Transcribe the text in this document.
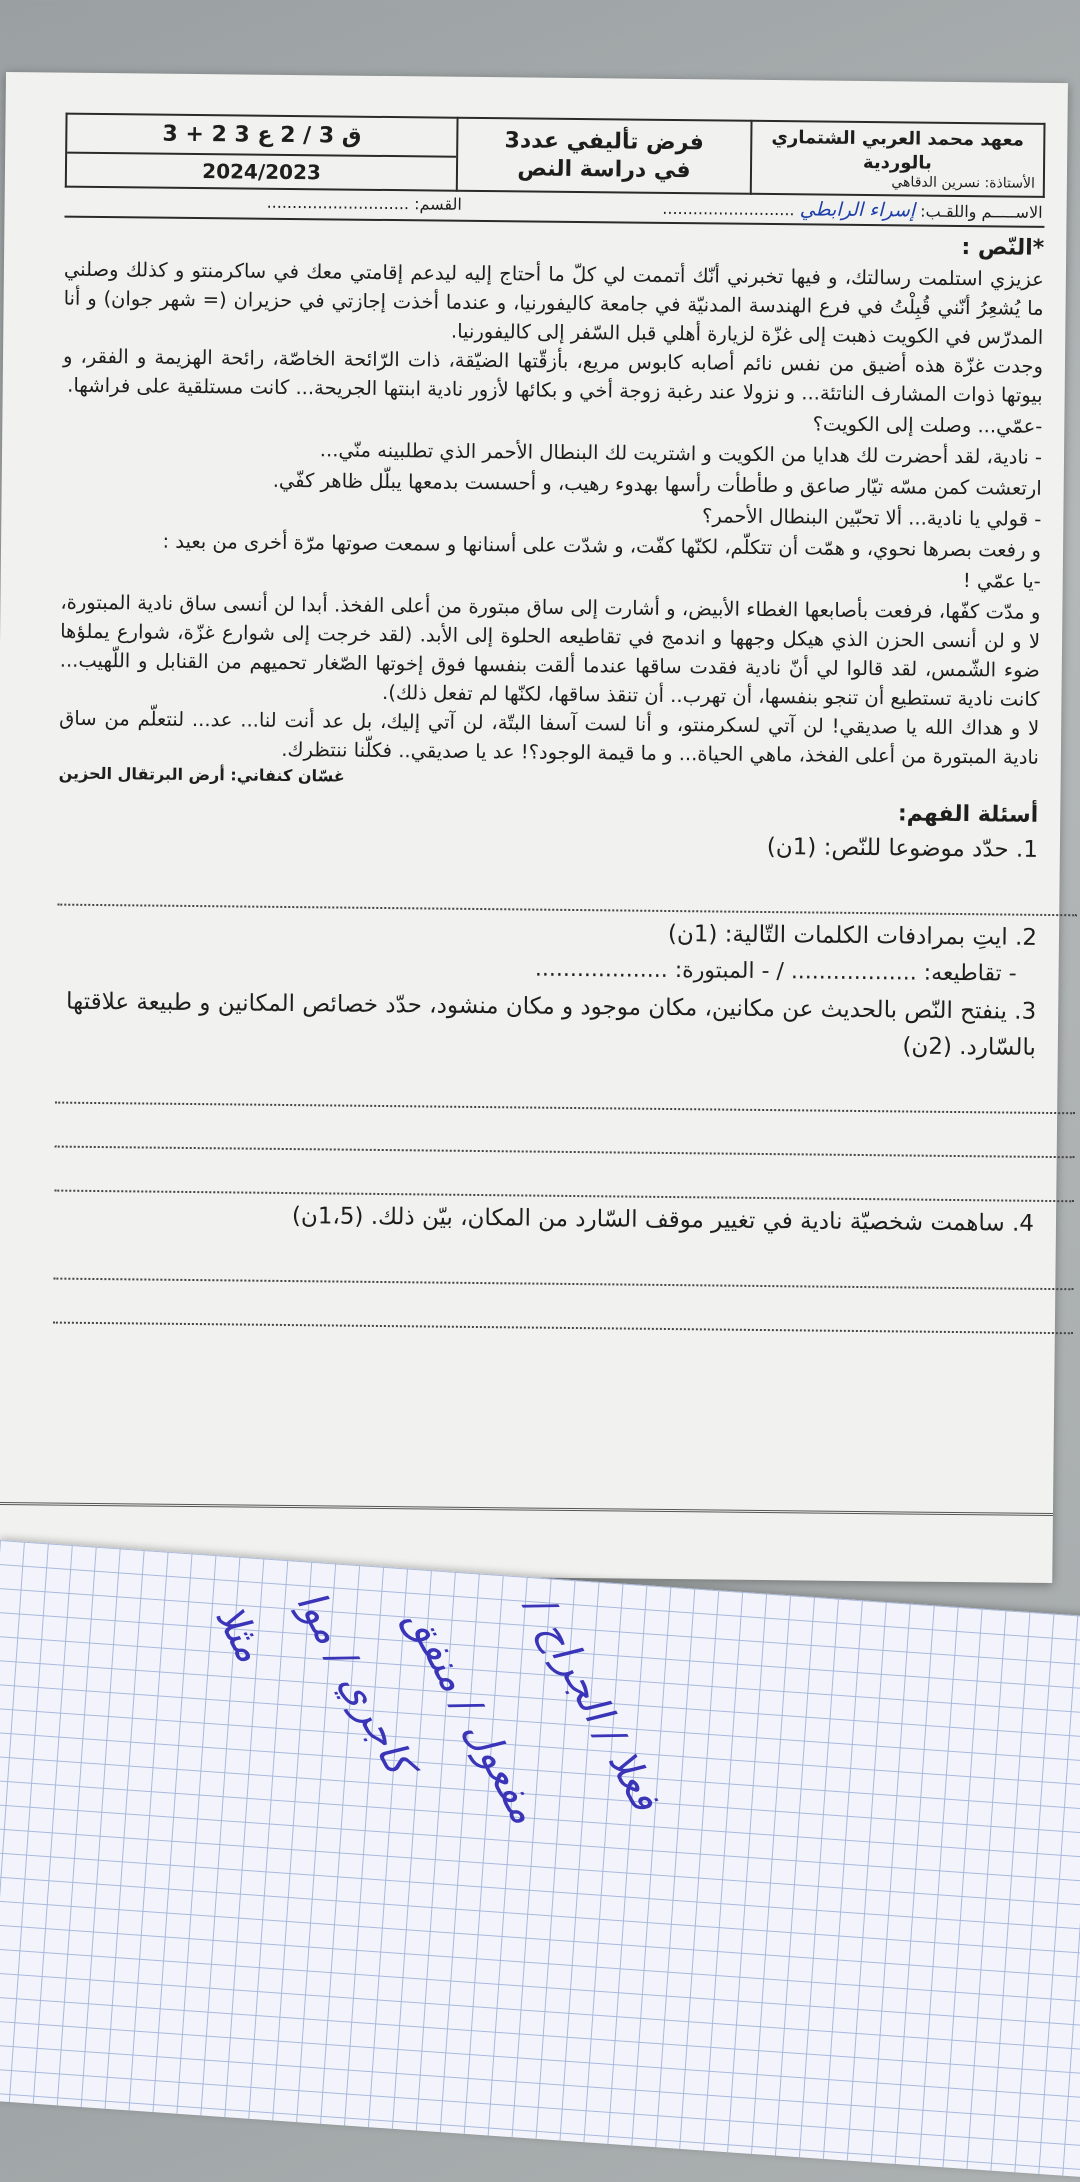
معهد محمد العربي الشتماري بالوردية
الأستاذة: نسرين الدقاهي

فرض تأليفي عدد3
في دراسة النص

3 + 2 ق 3 / 2 ع 3
2024/2023
الاســـــم واللقـب: إسراء الرابطي ..........................
القسم: ............................
*النّص :

عزيزي استلمت رسالتك، و فيها تخبرني أنّك أتممت لي كلّ ما أحتاج إليه ليدعم إقامتي معك في ساكرمنتو و كذلك وصلني ما يُشعِرُ أنّني قُبِلْتُ في فرع الهندسة المدنيّة في جامعة كاليفورنيا، و عندما أخذت إجازتي في حزيران (= شهر جوان) و أنا المدرّس في الكويت ذهبت إلى غزّة لزيارة أهلي قبل السّفر إلى كاليفورنيا.

وجدت غزّة هذه أضيق من نفس نائم أصابه كابوس مريع، بأزقّتها الضيّقة، ذات الرّائحة الخاصّة، رائحة الهزيمة و الفقر، و بيوتها ذوات المشارف الناتئة... و نزولا عند رغبة زوجة أخي و بكائها لأزور نادية ابنتها الجريحة... كانت مستلقية على فراشها.

-عمّي... وصلت إلى الكويت؟

- نادية، لقد أحضرت لك هدايا من الكويت و اشتريت لك البنطال الأحمر الذي تطلبينه منّي...

ارتعشت كمن مسّه تيّار صاعق و طأطأت رأسها بهدوء رهيب، و أحسست بدمعها يبلّل ظاهر كفّي.

- قولي يا نادية... ألا تحبّين البنطال الأحمر؟

و رفعت بصرها نحوي، و همّت أن تتكلّم، لكنّها كفّت، و شدّت على أسنانها و سمعت صوتها مرّة أخرى من بعيد :

-يا عمّي !

و مدّت كفّها، فرفعت بأصابعها الغطاء الأبيض، و أشارت إلى ساق مبتورة من أعلى الفخذ. أبدا لن أنسى ساق نادية المبتورة، لا و لن أنسى الحزن الذي هيكل وجهها و اندمج في تقاطيعه الحلوة إلى الأبد. (لقد خرجت إلى شوارع غزّة، شوارع يملؤها ضوء الشّمس، لقد قالوا لي أنّ نادية فقدت ساقها عندما ألقت بنفسها فوق إخوتها الصّغار تحميهم من القنابل و اللّهيب... كانت نادية تستطيع أن تنجو بنفسها، أن تهرب.. أن تنقذ ساقها، لكنّها لم تفعل ذلك).

لا و هداك الله يا صديقي! لن آتي لسكرمنتو، و أنا لست آسفا البتّة، لن آتي إليك، بل عد أنت لنا... عد... لنتعلّم من ساق نادية المبتورة من أعلى الفخذ، ماهي الحياة... و ما قيمة الوجود؟! عد يا صديقي.. فكلّنا ننتظرك.

غسّان كنفاني: أرض البرتقال الحزين
أسئلة الفهم:
1. حدّد موضوعا للنّص: (1ن)
2. ايتِ بمرادفات الكلمات التّالية: (1ن)
- تقاطيعه: .................. / - المبتورة: ...................
3. ينفتح النّص بالحديث عن مكانين، مكان موجود و مكان منشود، حدّد خصائص المكانين و طبيعة علاقتها بالسّارد. (2ن)
4. ساهمت شخصيّة نادية في تغيير موقف السّارد من المكان، بيّن ذلك. (1،5ن)
مثلا كاجري / موا
مفعول / منفق
فعلا / الجراح /
